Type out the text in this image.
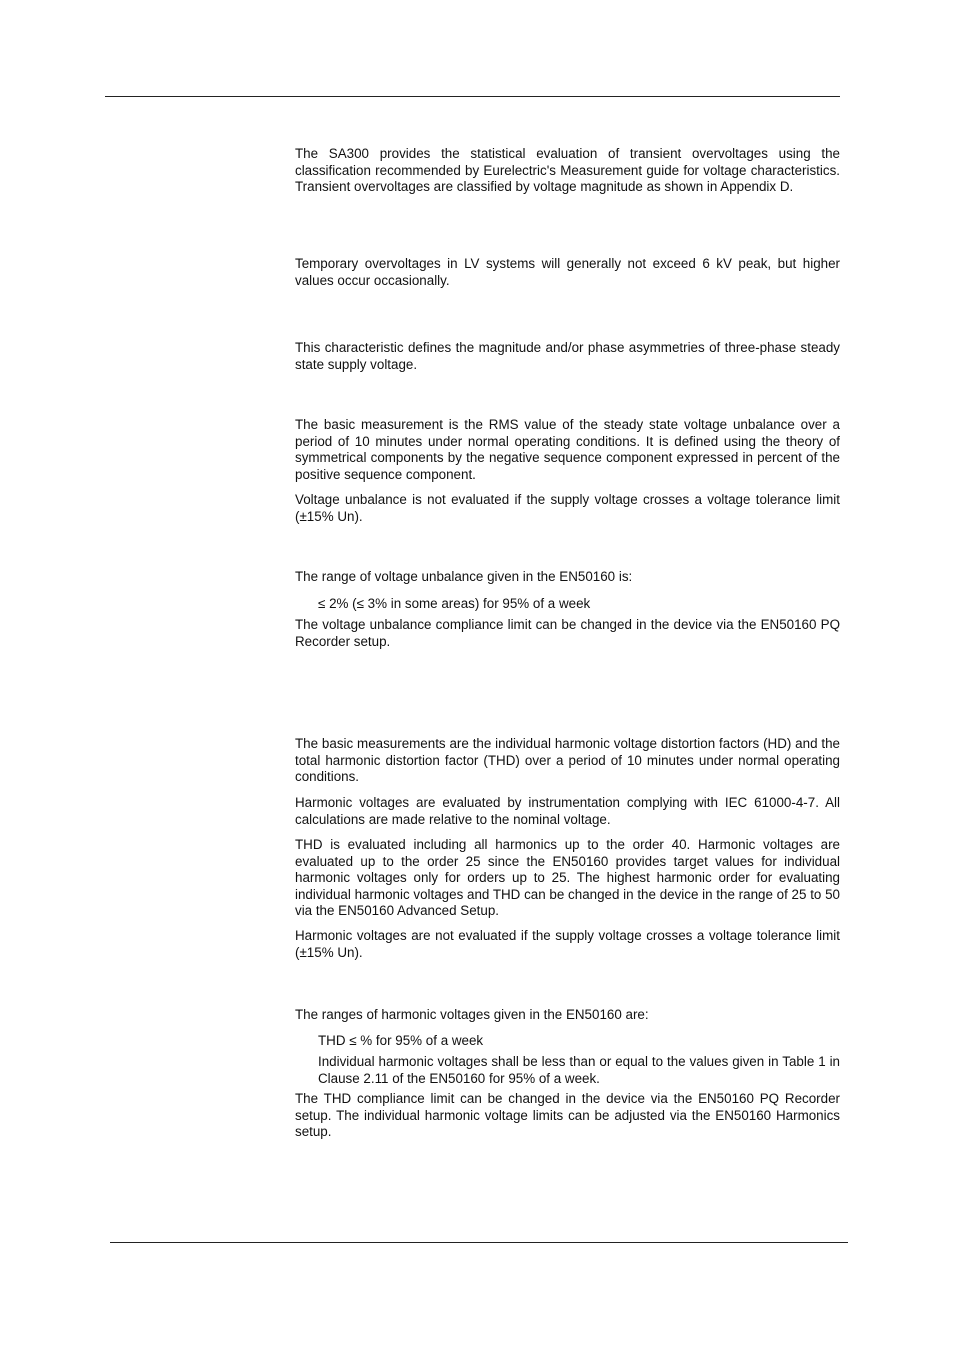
The SA300 provides the statistical evaluation of transient overvoltages using the classification recommended by Eurelectric's Measurement guide for voltage characteristics. Transient overvoltages are classified by voltage magnitude as shown in Appendix D.

Temporary overvoltages in LV systems will generally not exceed 6 kV peak, but higher values occur occasionally.

This characteristic defines the magnitude and/or phase asymmetries of three-phase steady state supply voltage.

The basic measurement is the RMS value of the steady state voltage unbalance over a period of 10 minutes under normal operating conditions. It is defined using the theory of symmetrical components by the negative sequence component expressed in percent of the positive sequence component.

Voltage unbalance is not evaluated if the supply voltage crosses a voltage tolerance limit (±15% Un).

The range of voltage unbalance given in the EN50160 is:

≤ 2% (≤ 3% in some areas) for 95% of a week

The voltage unbalance compliance limit can be changed in the device via the EN50160 PQ Recorder setup.

The basic measurements are the individual harmonic voltage distortion factors (HD) and the total harmonic distortion factor (THD) over a period of 10 minutes under normal operating conditions.

Harmonic voltages are evaluated by instrumentation complying with IEC 61000-4-7. All calculations are made relative to the nominal voltage.

THD is evaluated including all harmonics up to the order 40. Harmonic voltages are evaluated up to the order 25 since the EN50160 provides target values for individual harmonic voltages only for orders up to 25. The highest harmonic order for evaluating individual harmonic voltages and THD can be changed in the device in the range of 25 to 50 via the EN50160 Advanced Setup.

Harmonic voltages are not evaluated if the supply voltage crosses a voltage tolerance limit (±15% Un).

The ranges of harmonic voltages given in the EN50160 are:

THD ≤ % for 95% of a week

Individual harmonic voltages shall be less than or equal to the values given in Table 1 in Clause 2.11 of the EN50160 for 95% of a week.

The THD compliance limit can be changed in the device via the EN50160 PQ Recorder setup. The individual harmonic voltage limits can be adjusted via the EN50160 Harmonics setup.
